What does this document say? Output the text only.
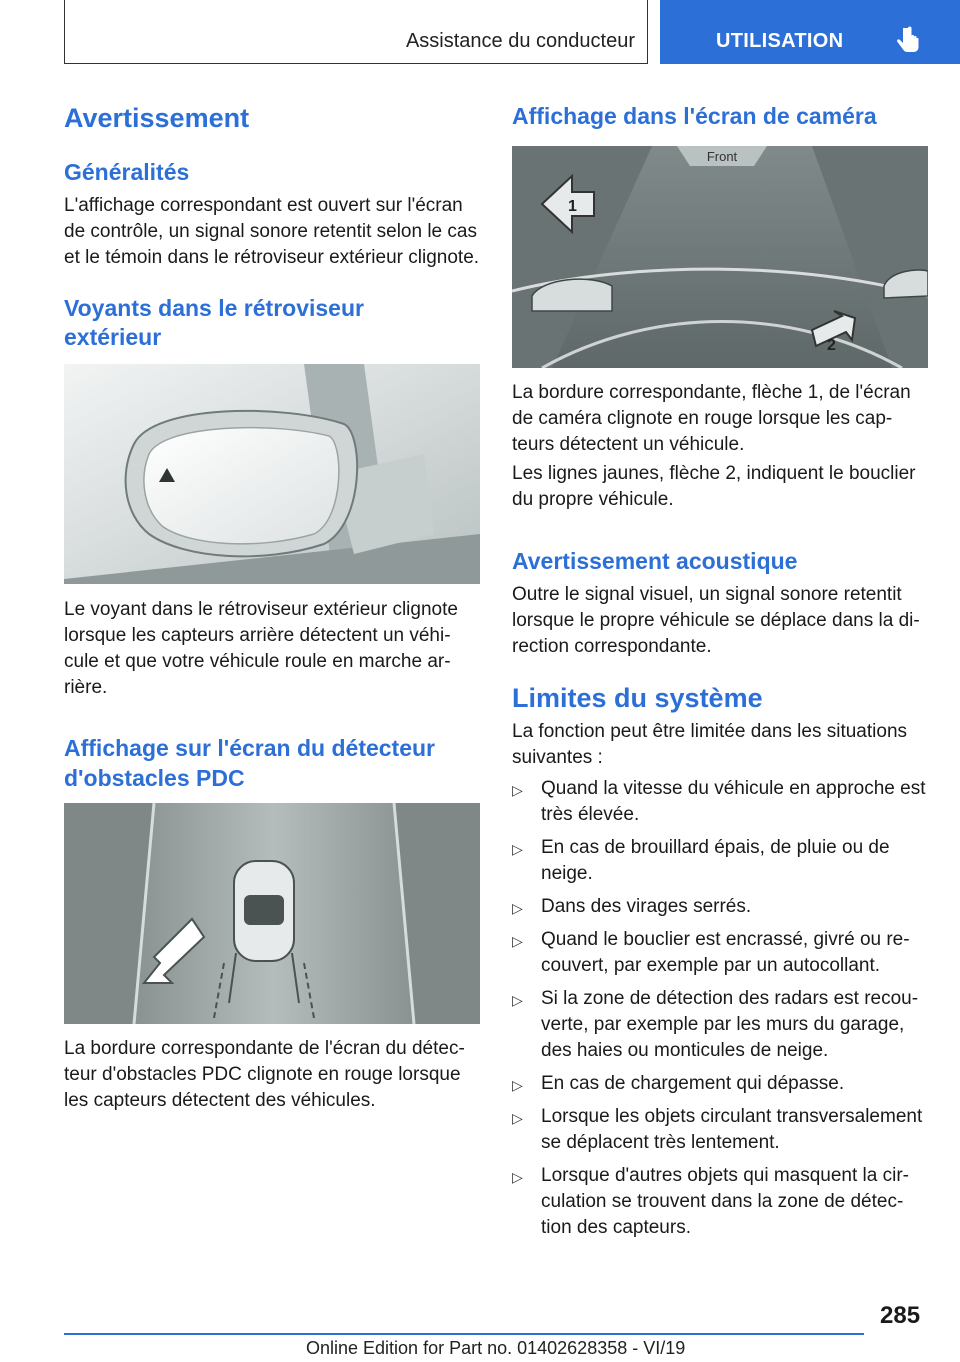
Assistance du conducteur	UTILISATION
Avertissement
Généralités

L'affichage correspondant est ouvert sur l'écran de contrôle, un signal sonore retentit selon le cas et le témoin dans le rétroviseur extérieur clignote.

Voyants dans le rétroviseur extérieur

Le voyant dans le rétroviseur extérieur clignote lorsque les capteurs arrière détectent un véhi-cule et que votre véhicule roule en marche ar-rière.

Affichage sur l'écran du détecteur d'obstacles PDC

La bordure correspondante de l'écran du détec-teur d'obstacles PDC clignote en rouge lorsque les capteurs détectent des véhicules.

Affichage dans l'écran de caméra
Front
1
2

La bordure correspondante, flèche 1, de l'écran de caméra clignote en rouge lorsque les cap-teurs détectent un véhicule.

Les lignes jaunes, flèche 2, indiquent le bouclier du propre véhicule.

Avertissement acoustique

Outre le signal visuel, un signal sonore retentit lorsque le propre véhicule se déplace dans la di-rection correspondante.

Limites du système

La fonction peut être limitée dans les situations suivantes :

▷ Quand la vitesse du véhicule en approche est très élevée.
▷ En cas de brouillard épais, de pluie ou de neige.
▷ Dans des virages serrés.
▷ Quand le bouclier est encrassé, givré ou re-couvert, par exemple par un autocollant.
▷ Si la zone de détection des radars est recou-verte, par exemple par les murs du garage, des haies ou monticules de neige.
▷ En cas de chargement qui dépasse.
▷ Lorsque les objets circulant transversalement se déplacent très lentement.
▷ Lorsque d'autres objets qui masquent la cir-culation se trouvent dans la zone de détec-tion des capteurs.
285
Online Edition for Part no. 01402628358 - VI/19
